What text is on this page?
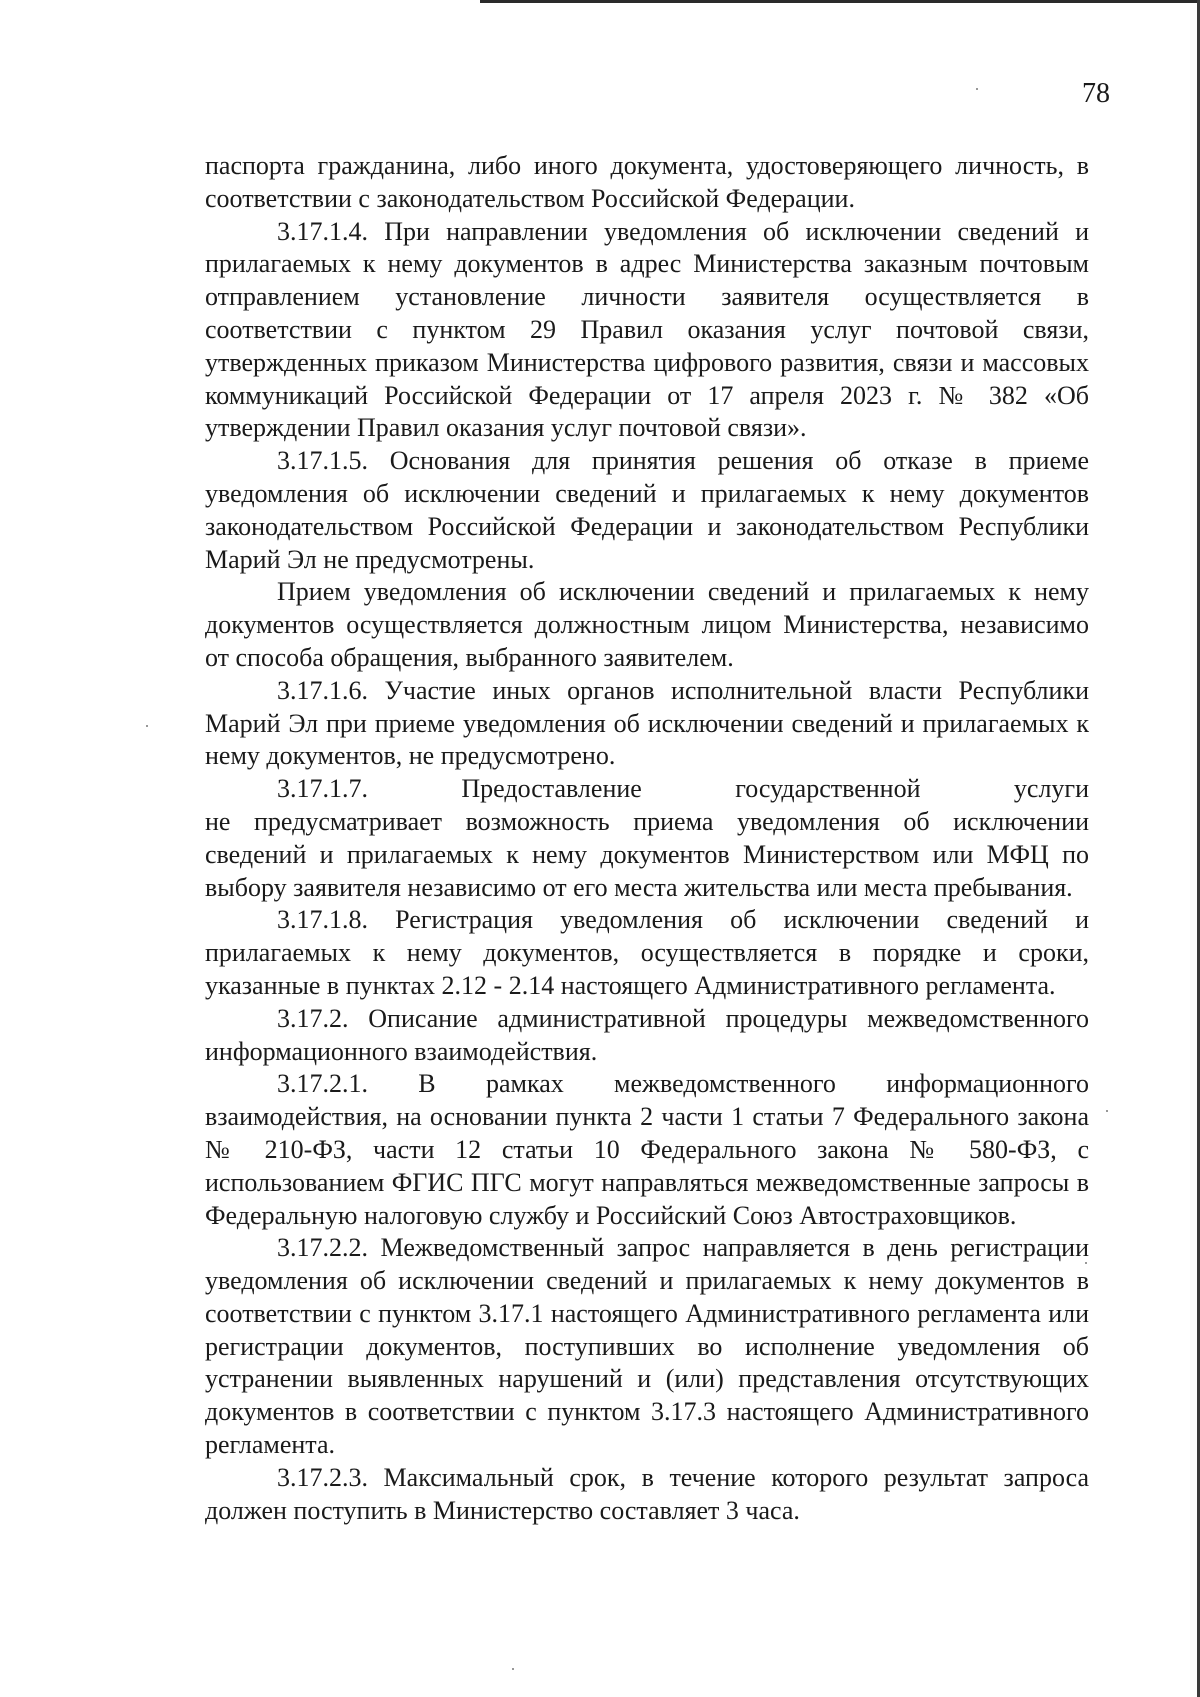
78

паспорта гражданина, либо иного документа, удостоверяющего личность, в соответствии с законодательством Российской Федерации.

3.17.1.4. При направлении уведомления об исключении сведений и прилагаемых к нему документов в адрес Министерства заказным почтовым отправлением установление личности заявителя осуществляется в соответствии с пунктом 29 Правил оказания услуг почтовой связи, утвержденных приказом Министерства цифрового развития, связи и массовых коммуникаций Российской Федерации от 17 апреля 2023 г. № 382 «Об утверждении Правил оказания услуг почтовой связи».

3.17.1.5. Основания для принятия решения об отказе в приеме уведомления об исключении сведений и прилагаемых к нему документов законодательством Российской Федерации и законодательством Республики Марий Эл не предусмотрены.

Прием уведомления об исключении сведений и прилагаемых к нему документов осуществляется должностным лицом Министерства, независимо от способа обращения, выбранного заявителем.

3.17.1.6. Участие иных органов исполнительной власти Республики Марий Эл при приеме уведомления об исключении сведений и прилагаемых к нему документов, не предусмотрено.

3.17.1.7. Предоставление государственной услуги

не предусматривает возможность приема уведомления об исключении сведений и прилагаемых к нему документов Министерством или МФЦ по выбору заявителя независимо от его места жительства или места пребывания.

3.17.1.8. Регистрация уведомления об исключении сведений и прилагаемых к нему документов, осуществляется в порядке и сроки, указанные в пунктах 2.12 - 2.14 настоящего Административного регламента.

3.17.2. Описание административной процедуры межведомственного информационного взаимодействия.

3.17.2.1. В рамках межведомственного информационного

взаимодействия, на основании пункта 2 части 1 статьи 7 Федерального закона № 210-ФЗ, части 12 статьи 10 Федерального закона № 580-ФЗ, с использованием ФГИС ПГС могут направляться межведомственные запросы в Федеральную налоговую службу и Российский Союз Автостраховщиков.

3.17.2.2. Межведомственный запрос направляется в день регистрации уведомления об исключении сведений и прилагаемых к нему документов в соответствии с пунктом 3.17.1 настоящего Административного регламента или регистрации документов, поступивших во исполнение уведомления об устранении выявленных нарушений и (или) представления отсутствующих документов в соответствии с пунктом 3.17.3 настоящего Административного регламента.

3.17.2.3. Максимальный срок, в течение которого результат запроса должен поступить в Министерство составляет 3 часа.
